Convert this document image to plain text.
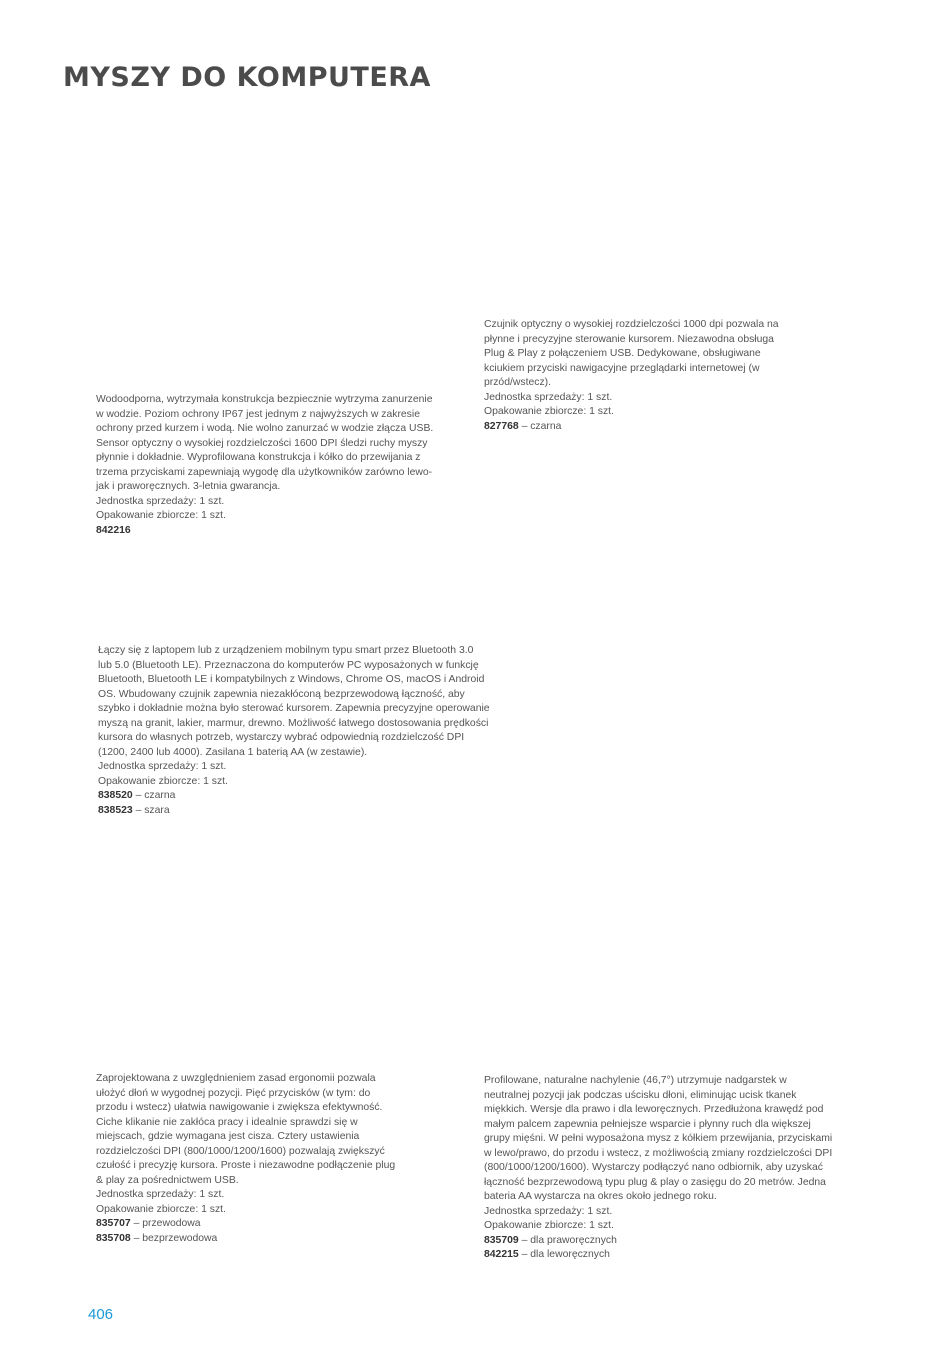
MYSZY DO KOMPUTERA

Wodoodporna, wytrzymała konstrukcja bezpiecznie wytrzyma zanurzenie w wodzie. Poziom ochrony IP67 jest jednym z najwyższych w zakresie ochrony przed kurzem i wodą. Nie wolno zanurzać w wodzie złącza USB. Sensor optyczny o wysokiej rozdzielczości 1600 DPI śledzi ruchy myszy płynnie i dokładnie. Wyprofilowana konstrukcja i kółko do przewijania z trzema przyciskami zapewniają wygodę dla użytkowników zarówno lewo-jak i praworęcznych. 3-letnia gwarancja.

Jednostka sprzedaży: 1 szt.

Opakowanie zbiorcze: 1 szt.

842216

Czujnik optyczny o wysokiej rozdzielczości 1000 dpi pozwala na płynne i precyzyjne sterowanie kursorem. Niezawodna obsługa Plug & Play z połączeniem USB. Dedykowane, obsługiwane kciukiem przyciski nawigacyjne przeglądarki internetowej (w przód/wstecz).

Jednostka sprzedaży: 1 szt.

Opakowanie zbiorcze: 1 szt.

827768 – czarna

Łączy się z laptopem lub z urządzeniem mobilnym typu smart przez Bluetooth 3.0 lub 5.0 (Bluetooth LE). Przeznaczona do komputerów PC wyposażonych w funkcję Bluetooth, Bluetooth LE i kompatybilnych z Windows, Chrome OS, macOS i Android OS. Wbudowany czujnik zapewnia niezakłóconą bezprzewodową łączność, aby szybko i dokładnie można było sterować kursorem. Zapewnia precyzyjne operowanie myszą na granit, lakier, marmur, drewno. Możliwość łatwego dostosowania prędkości kursora do własnych potrzeb, wystarczy wybrać odpowiednią rozdzielczość DPI (1200, 2400 lub 4000). Zasilana 1 baterią AA (w zestawie).

Jednostka sprzedaży: 1 szt.

Opakowanie zbiorcze: 1 szt.

838520 – czarna

838523 – szara

Zaprojektowana z uwzględnieniem zasad ergonomii pozwala ułożyć dłoń w wygodnej pozycji. Pięć przycisków (w tym: do przodu i wstecz) ułatwia nawigowanie i zwiększa efektywność. Ciche klikanie nie zakłóca pracy i idealnie sprawdzi się w miejscach, gdzie wymagana jest cisza. Cztery ustawienia rozdzielczości DPI (800/1000/1200/1600) pozwalają zwiększyć czułość i precyzję kursora. Proste i niezawodne podłączenie plug & play za pośrednictwem USB.

Jednostka sprzedaży: 1 szt.

Opakowanie zbiorcze: 1 szt.

835707 – przewodowa

835708 – bezprzewodowa

Profilowane, naturalne nachylenie (46,7°) utrzymuje nadgarstek w neutralnej pozycji jak podczas uścisku dłoni, eliminując ucisk tkanek miękkich. Wersje dla prawo i dla leworęcznych. Przedłużona krawędź pod małym palcem zapewnia pełniejsze wsparcie i płynny ruch dla większej grupy mięśni. W pełni wyposażona mysz z kółkiem przewijania, przyciskami w lewo/prawo, do przodu i wstecz, z możliwością zmiany rozdzielczości DPI (800/1000/1200/1600). Wystarczy podłączyć nano odbiornik, aby uzyskać łączność bezprzewodową typu plug & play o zasięgu do 20 metrów. Jedna bateria AA wystarcza na okres około jednego roku.

Jednostka sprzedaży: 1 szt.

Opakowanie zbiorcze: 1 szt.

835709 – dla praworęcznych

842215 – dla leworęcznych

406
